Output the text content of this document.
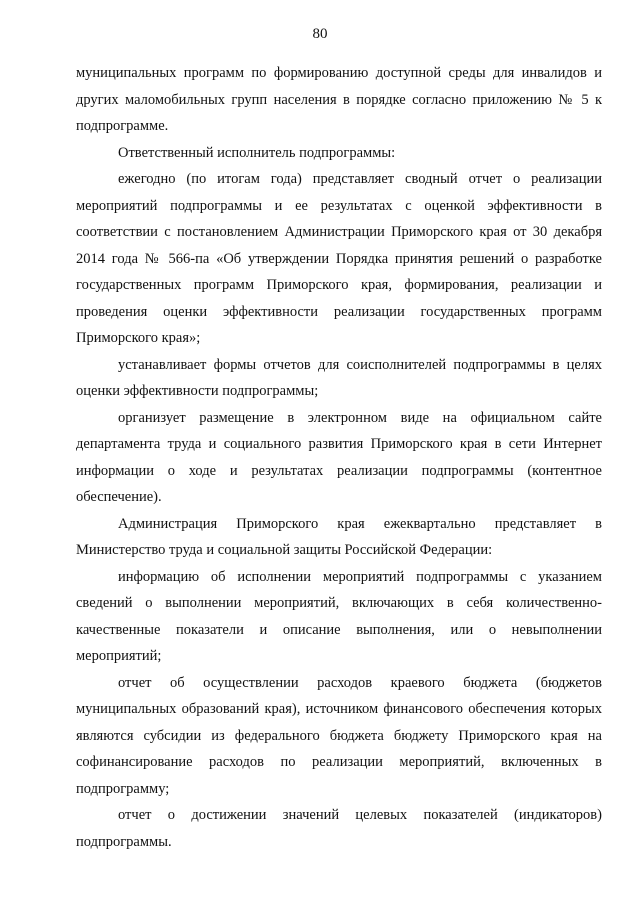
80

муниципальных программ по формированию доступной среды для инвалидов и других маломобильных групп населения в порядке согласно приложению № 5 к подпрограмме.

Ответственный исполнитель подпрограммы:

ежегодно (по итогам года) представляет сводный отчет о реализации мероприятий подпрограммы и ее результатах с оценкой эффективности в соответствии с постановлением Администрации Приморского края от 30 декабря 2014 года № 566-па «Об утверждении Порядка принятия решений о разработке государственных программ Приморского края, формирования, реализации и проведения оценки эффективности реализации государственных программ Приморского края»;

устанавливает формы отчетов для соисполнителей подпрограммы в целях оценки эффективности подпрограммы;

организует размещение в электронном виде на официальном сайте департамента труда и социального развития Приморского края в сети Интернет информации о ходе и результатах реализации подпрограммы (контентное обеспечение).

Администрация Приморского края ежеквартально представляет в Министерство труда и социальной защиты Российской Федерации:

информацию об исполнении мероприятий подпрограммы с указанием сведений о выполнении мероприятий, включающих в себя количественно-качественные показатели и описание выполнения, или о невыполнении мероприятий;

отчет об осуществлении расходов краевого бюджета (бюджетов муниципальных образований края), источником финансового обеспечения которых являются субсидии из федерального бюджета бюджету Приморского края на софинансирование расходов по реализации мероприятий, включенных в подпрограмму;

отчет о достижении значений целевых показателей (индикаторов) подпрограммы.
